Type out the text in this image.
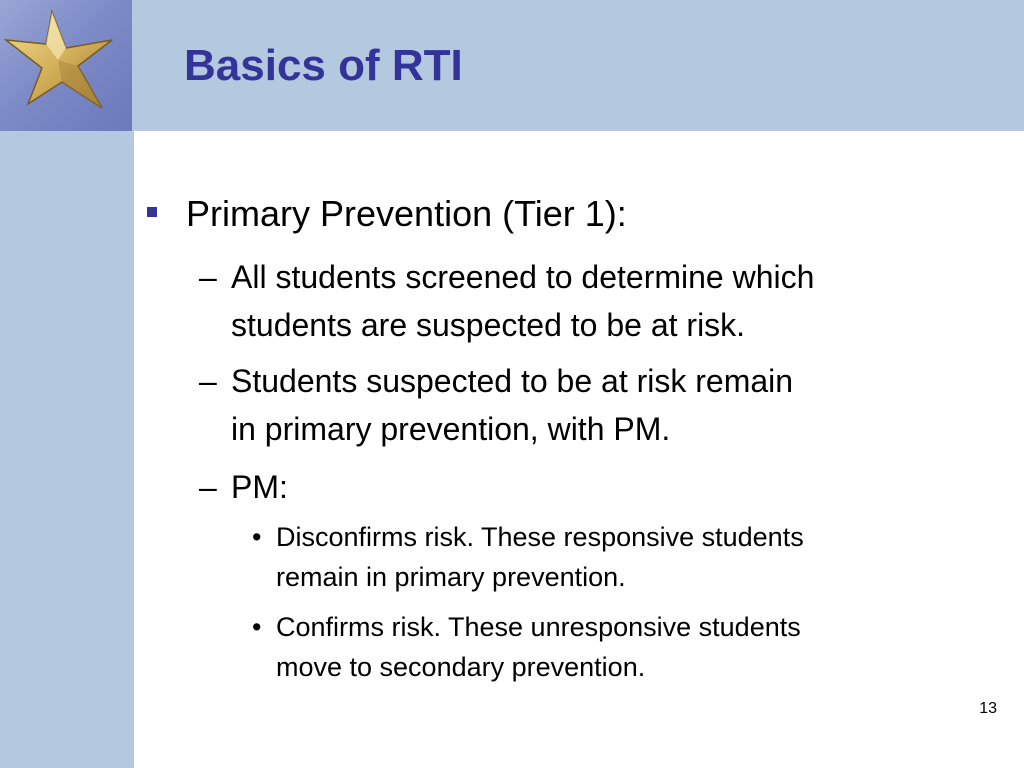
Basics of RTI
Primary Prevention (Tier 1):
– All students screened to determine which
students are suspected to be at risk.
– Students suspected to be at risk remain
in primary prevention, with PM.
– PM:
• Disconfirms risk. These responsive students
remain in primary prevention.
• Confirms risk. These unresponsive students
move to secondary prevention.
13
